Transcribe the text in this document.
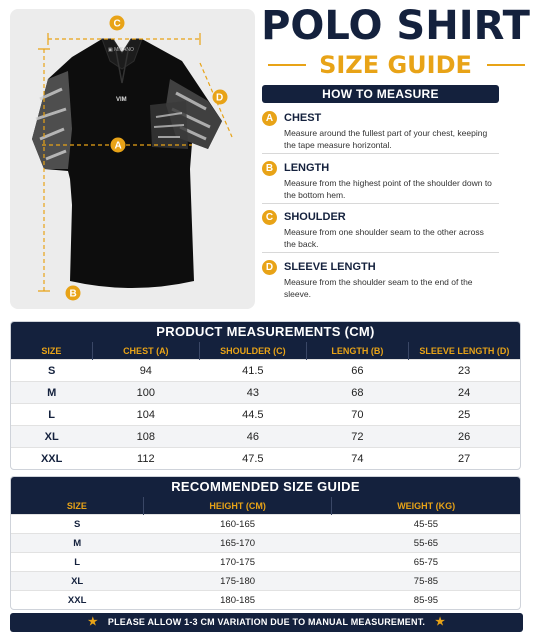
▣ MIKANO
VIM
C
A
D
B
POLO SHIRT
SIZE GUIDE
HOW TO MEASURE
A CHEST
Measure around the fullest part of your chest, keeping the tape measure horizontal.
B LENGTH
Measure from the highest point of the shoulder down to the bottom hem.
C SHOULDER
Measure from one shoulder seam to the other across the back.
D SLEEVE LENGTH
Measure from the shoulder seam to the end of the sleeve.
PRODUCT MEASUREMENTS (CM)
SIZE	CHEST (A)	SHOULDER (C)	LENGTH (B)	SLEEVE LENGTH (D)
S	94	41.5	66	23
M	100	43	68	24
L	104	44.5	70	25
XL	108	46	72	26
XXL	112	47.5	74	27
RECOMMENDED SIZE GUIDE
SIZE	HEIGHT (CM)	WEIGHT (KG)
S	160-165	45-55
M	165-170	55-65
L	170-175	65-75
XL	175-180	75-85
XXL	180-185	85-95
★ PLEASE ALLOW 1-3 CM VARIATION DUE TO MANUAL MEASUREMENT. ★
